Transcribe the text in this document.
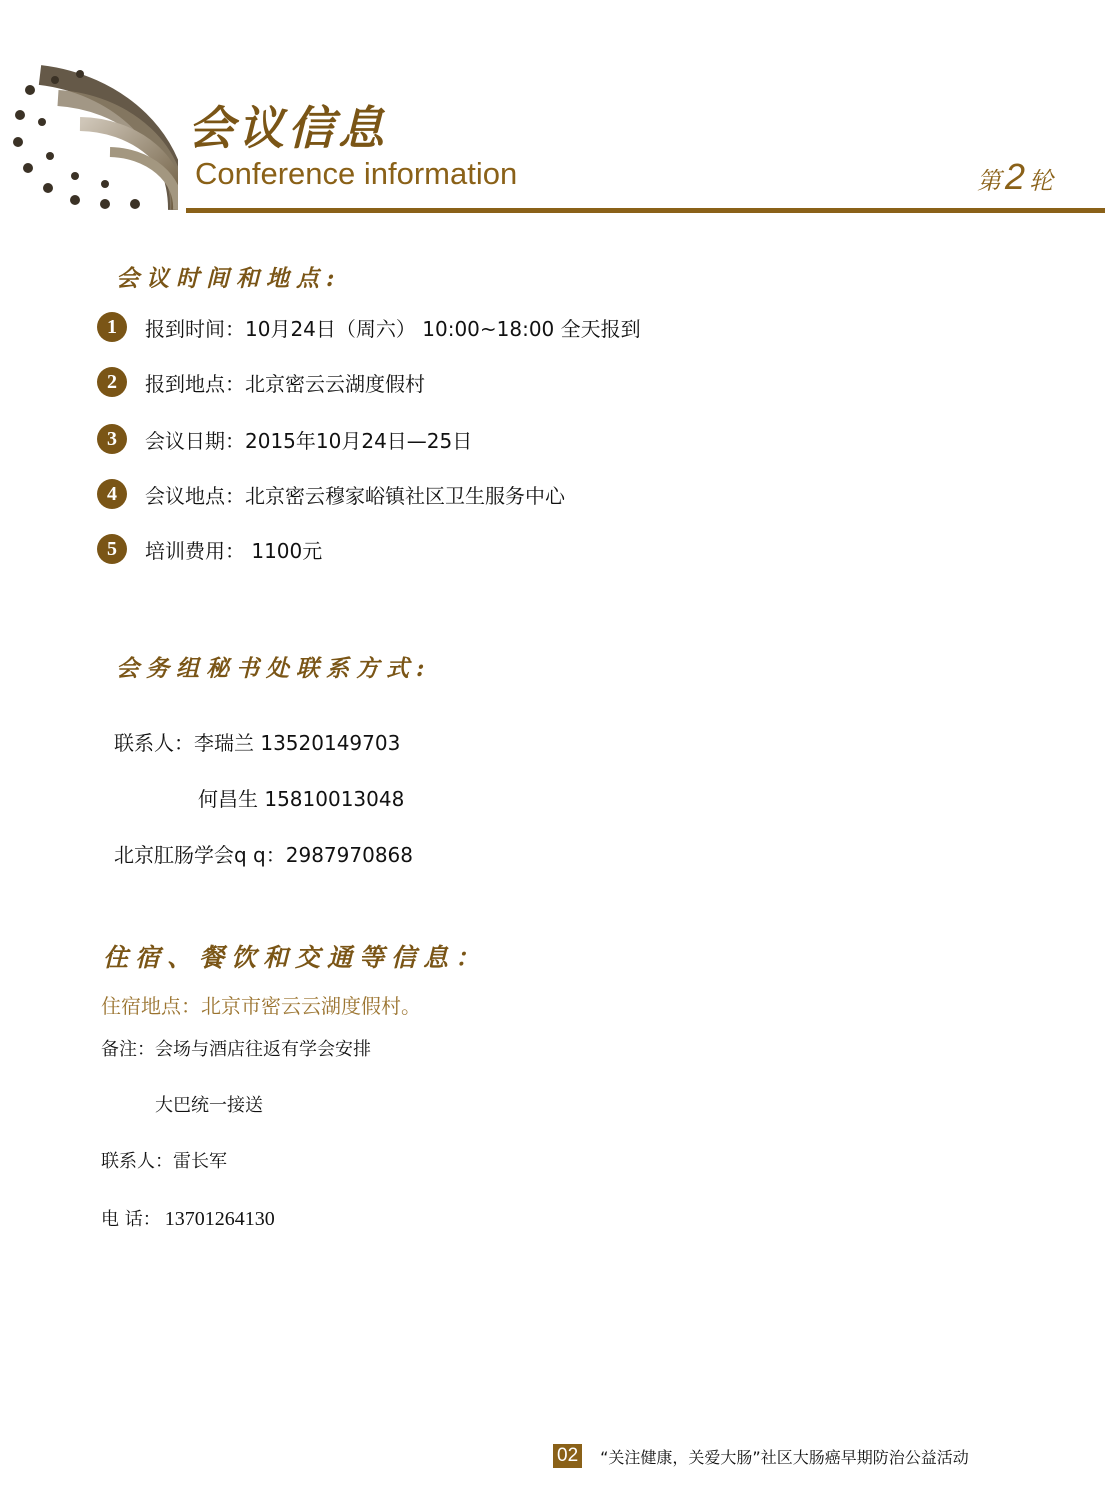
会议信息
Conference information	第 2 轮
会议时间和地点:
1	报到时间：10月24日（周六） 10:00~18:00 全天报到
2	报到地点：北京密云云湖度假村
3	会议日期：2015年10月24日—25日
4	会议地点：北京密云穆家峪镇社区卫生服务中心
5	培训费用： 1100元
会务组秘书处联系方式:
联系人：李瑞兰 13520149703
何昌生 15810013048
北京肛肠学会q q：2987970868
住宿、餐饮和交通等信息：
住宿地点：北京市密云云湖度假村。
备注：会场与酒店往返有学会安排
大巴统一接送
联系人：雷长军
电 话： 13701264130
02 “关注健康，关爱大肠”社区大肠癌早期防治公益活动
